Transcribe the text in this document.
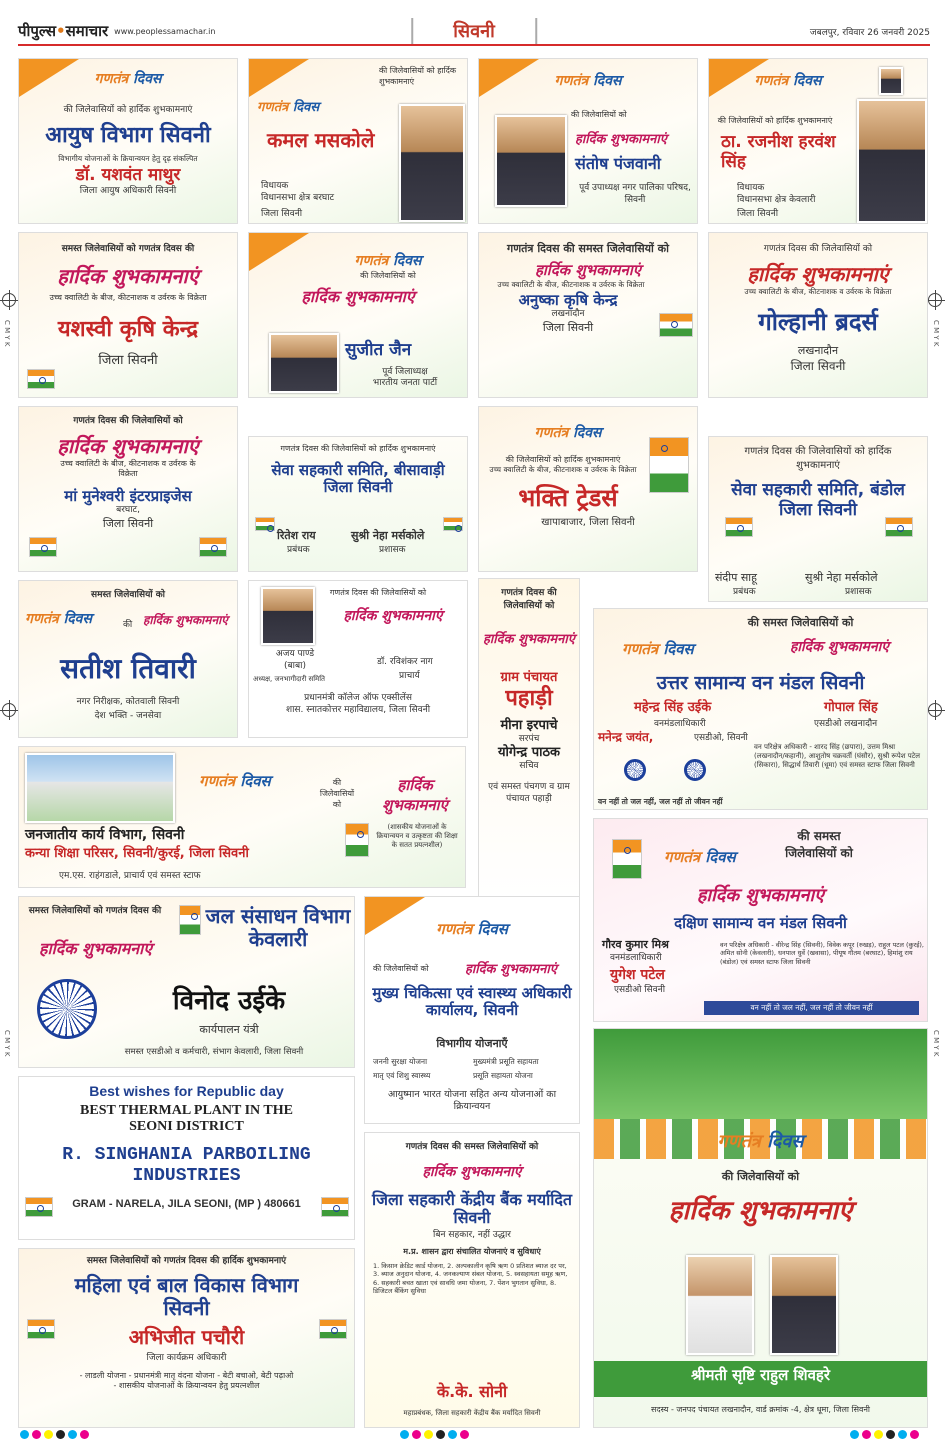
पीपुल्स•समाचार www.peoplessamachar.in	सिवनी	जबलपुर, रविवार 26 जनवरी 2025
C M Y K	C M Y K
C M Y K	C M Y K
गणतंत्र दिवस
की जिलेवासियों को हार्दिक शुभकामनाएं
आयुष विभाग सिवनी
विभागीय योजनाओं के क्रियान्वयन हेतु दृढ़ संकल्पित
डॉ. यशवंत माथुर
जिला आयुष अधिकारी सिवनी
गणतंत्र दिवस
की जिलेवासियों को हार्दिक शुभकामनाएं
कमल मसकोले
विधायक
विधानसभा क्षेत्र बरघाट
जिला सिवनी
गणतंत्र दिवस
की जिलेवासियों को
हार्दिक शुभकामनाएं
संतोष पंजवानी
पूर्व उपाध्यक्ष नगर पालिका परिषद, सिवनी
गणतंत्र दिवस
की जिलेवासियों को हार्दिक शुभकामनाएं
ठा. रजनीश हरवंश सिंह
विधायक
विधानसभा क्षेत्र केवलारी
जिला सिवनी
समस्त जिलेवासियों को गणतंत्र दिवस की
हार्दिक शुभकामनाएं
उच्च क्वालिटी के बीज, कीटनाशक व उर्वरक के विक्रेता
यशस्वी कृषि केन्द्र
जिला सिवनी
गणतंत्र दिवस
की जिलेवासियों को
हार्दिक शुभकामनाएं
सुजीत जैन
पूर्व जिलाध्यक्ष
भारतीय जनता पार्टी
गणतंत्र दिवस की समस्त जिलेवासियों को
हार्दिक शुभकामनाएं
उच्च क्वालिटी के बीज, कीटनाशक व उर्वरक के विक्रेता
अनुष्का कृषि केन्द्र
लखनादौन
जिला सिवनी
गणतंत्र दिवस की जिलेवासियों को
हार्दिक शुभकामनाएं
उच्च क्वालिटी के बीज, कीटनाशक व उर्वरक के विक्रेता
गोल्हानी ब्रदर्स
लखनादौन
जिला सिवनी
गणतंत्र दिवस की जिलेवासियों को
हार्दिक शुभकामनाएं
उच्च क्वालिटी के बीज, कीटनाशक व उर्वरक के विक्रेता
मां मुनेश्वरी इंटरप्राइजेस
बरघाट,
जिला सिवनी
गणतंत्र दिवस की जिलेवासियों को हार्दिक शुभकामनाएं
सेवा सहकारी समिति, बीसावाड़ी
जिला सिवनी
रितेश राय
प्रबंधक
सुश्री नेहा मर्सकोले
प्रशासक
गणतंत्र दिवस
की जिलेवासियों को हार्दिक शुभकामनाएं
उच्च क्वालिटी के बीज, कीटनाशक व उर्वरक के विक्रेता
भक्ति ट्रेडर्स
खापाबाजार, जिला सिवनी
गणतंत्र दिवस की जिलेवासियों को हार्दिक शुभकामनाएं
सेवा सहकारी समिति, बंडोल
जिला सिवनी
संदीप साहू
प्रबंधक
सुश्री नेहा मर्सकोले
प्रशासक
समस्त जिलेवासियों को
गणतंत्र दिवस	की हार्दिक शुभकामनाएं
सतीश तिवारी
नगर निरीक्षक, कोतवाली सिवनी
देश भक्ति - जनसेवा
गणतंत्र दिवस की जिलेवासियों को
हार्दिक शुभकामनाएं
अजय पाण्डे
(बाबा)
अध्यक्ष, जनभागीदारी समिति
डॉ. रविशंकर नाग
प्राचार्य
प्रधानमंत्री कॉलेज ऑफ एक्सीलेंस
शास. स्नातकोत्तर महाविद्यालय, जिला सिवनी
गणतंत्र दिवस की जिलेवासियों को
हार्दिक शुभकामनाएं
ग्राम पंचायत
पहाड़ी
मीना इरपाचे
सरपंच
योगेन्द्र पाठक
सचिव
एवं समस्त पंचगण व ग्राम पंचायत पहाड़ी
की समस्त जिलेवासियों को
गणतंत्र दिवस	हार्दिक शुभकामनाएं
उत्तर सामान्य वन मंडल सिवनी
महेन्द्र सिंह उईके
वनमंडलाधिकारी
गोपाल सिंह
एसडीओ लखनादौन
मनेन्द्र जयंत,	एसडीओ, सिवनी
वन परिक्षेत्र अधिकारी - शारद सिंह (छपारा), उत्तम मिश्रा (लखनादौन/कहानी), आशुतोष चक्रवर्ती (घंसौर), सुश्री रूपेश पटेल (सिकारा), सिद्धार्थ तिवारी (धूमा) एवं समस्त स्टाफ जिला सिवनी
वन नहीं तो जल नहीं, जल नहीं तो जीवन नहीं
गणतंत्र दिवस	की जिलेवासियों को
हार्दिक शुभकामनाएं
जनजातीय कार्य विभाग, सिवनी
कन्या शिक्षा परिसर, सिवनी/कुरई, जिला सिवनी
एम.एस. राहंगडाले, प्राचार्य एवं समस्त स्टाफ
(शासकीय योजनाओं के क्रियान्वयन व उत्कृष्टता की शिक्षा के सतत प्रयत्नशील)
गणतंत्र दिवस
की समस्त जिलेवासियों को
हार्दिक शुभकामनाएं
दक्षिण सामान्य वन मंडल सिवनी
गौरव कुमार मिश्र
वनमंडलाधिकारी
युगेश पटेल
एसडीओ सिवनी
वन परिक्षेत्र अधिकारी - वीरेन्द्र सिंह (सिवनी), विवेक कपूर (रुखड़), राहुल पटल (कुरई), अमित सोनी (केवलारी), धनपाल धुर्वे (खवासा), पीयूष गौतम (बरघाट), हिमांशु राय (बंडोल) एवं समस्त स्टाफ जिला सिवनी
वन नहीं तो जल नहीं, जल नहीं तो जीवन नहीं
समस्त जिलेवासियों को गणतंत्र दिवस की
हार्दिक शुभकामनाएं
जल संसाधन विभाग केवलारी
विनोद उईके
कार्यपालन यंत्री
समस्त एसडीओ व कर्मचारी, संभाग केवलारी, जिला सिवनी
गणतंत्र दिवस
की जिलेवासियों को	हार्दिक शुभकामनाएं
मुख्य चिकित्सा एवं स्वास्थ्य अधिकारी कार्यालय, सिवनी
विभागीय योजनाएँ
जननी सुरक्षा योजना	मुख्यमंत्री प्रसूति सहायता
मातृ एवं शिशु स्वास्थ्य	प्रसूति सहायता योजना
आयुष्मान भारत योजना सहित अन्य योजनाओं का क्रियान्वयन
गणतंत्र दिवस
की जिलेवासियों को
हार्दिक शुभकामनाएं
श्रीमती सृष्टि राहुल शिवहरे
सदस्य - जनपद पंचायत लखनादौन, वार्ड क्रमांक -4, क्षेत्र धूमा, जिला सिवनी
Best wishes for Republic day
BEST THERMAL PLANT IN THE SEONI DISTRICT
R. SINGHANIA PARBOILING INDUSTRIES
GRAM - NARELA, JILA SEONI, (MP ) 480661
गणतंत्र दिवस की समस्त जिलेवासियों को
हार्दिक शुभकामनाएं
जिला सहकारी केंद्रीय बैंक मर्यादित सिवनी
बिन सहकार, नहीं उद्धार
म.प्र. शासन द्वारा संचालित योजनाएं व सुविधाएं
1. किसान क्रेडिट कार्ड योजना, 2. अल्पकालीन कृषि ऋण 0 प्रतिशत ब्याज दर पर, 3. ब्याज अनुदान योजना, 4. जनकल्याण संबल योजना, 5. स्वसहायता समूह ऋण, 6. सहकारी बचत खाता एवं सावधि जमा योजना, 7. पेंशन भुगतान सुविधा, 8. डिजिटल बैंकिंग सुविधा
के.के. सोनी
महाप्रबंधक, जिला सहकारी केंद्रीय बैंक मर्यादित सिवनी
समस्त जिलेवासियों को गणतंत्र दिवस की हार्दिक शुभकामनाएं
महिला एवं बाल विकास विभाग सिवनी
अभिजीत पचौरी
जिला कार्यक्रम अधिकारी
- लाडली योजना - प्रधानमंत्री मातृ वंदना योजना - बेटी बचाओ, बेटी पढ़ाओ
- शासकीय योजनाओं के क्रियान्वयन हेतु प्रयत्नशील
